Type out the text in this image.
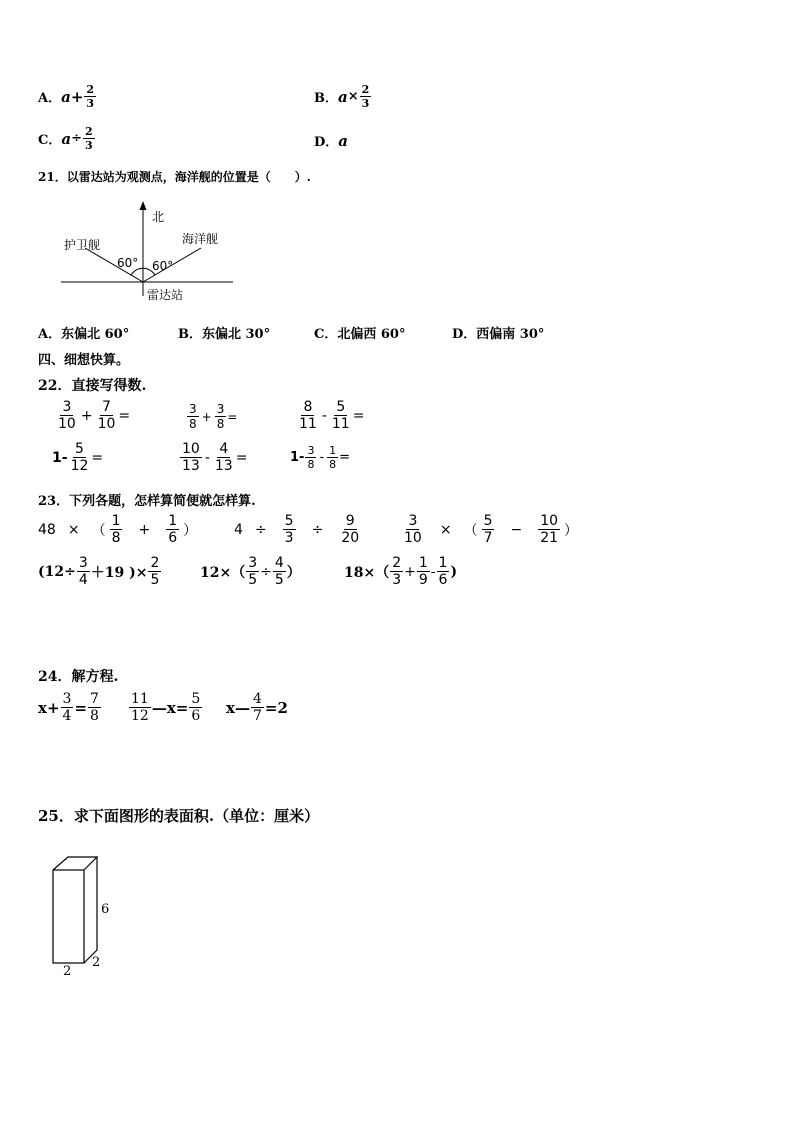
A． $a + \frac{2}{3}$	B． $a \times \frac{2}{3}$
C． $a \div \frac{2}{3}$	D．a
21．以雷达站为观测点，海洋舰的位置是（　　）.
北
护卫舰	海洋舰
60° 60°
雷达站
A．东偏北 60°	B．东偏北 30°	C．北偏西 60°	D．西偏南 30°
四、细想快算。
22．直接写得数.
$\frac{3}{10} + \frac{7}{10}$ =	$\frac{3}{8} + \frac{3}{8}$ =	$\frac{8}{11} - \frac{5}{11}$ =
$1- \frac{5}{12}$ =	$\frac{10}{13} - \frac{4}{13}$ =	$1- \frac{3}{8} - \frac{1}{8}$ =
23．下列各题，怎样算简便就怎样算.
48 × （ $\frac{1}{8} + \frac{1}{6}$ ）	$4 \div \frac{5}{3} \div \frac{9}{20}$	$\frac{3}{10}$ × （ $\frac{5}{7} - \frac{10}{21}$ ）
($12\div \frac{3}{4} +19$ )× $\frac{2}{5}$	$12\times( \frac{3}{5} \div \frac{4}{5}$ ）	$18\times( \frac{2}{3} + \frac{1}{9} - \frac{1}{6}$ )
24．解方程.
$x+ \frac{3}{4} = \frac{7}{8} \frac{11}{12}$ —x= $\frac{5}{6}$ x— $\frac{4}{7} =2$
25．求下面图形的表面积.（单位：厘米）
6
2
2
